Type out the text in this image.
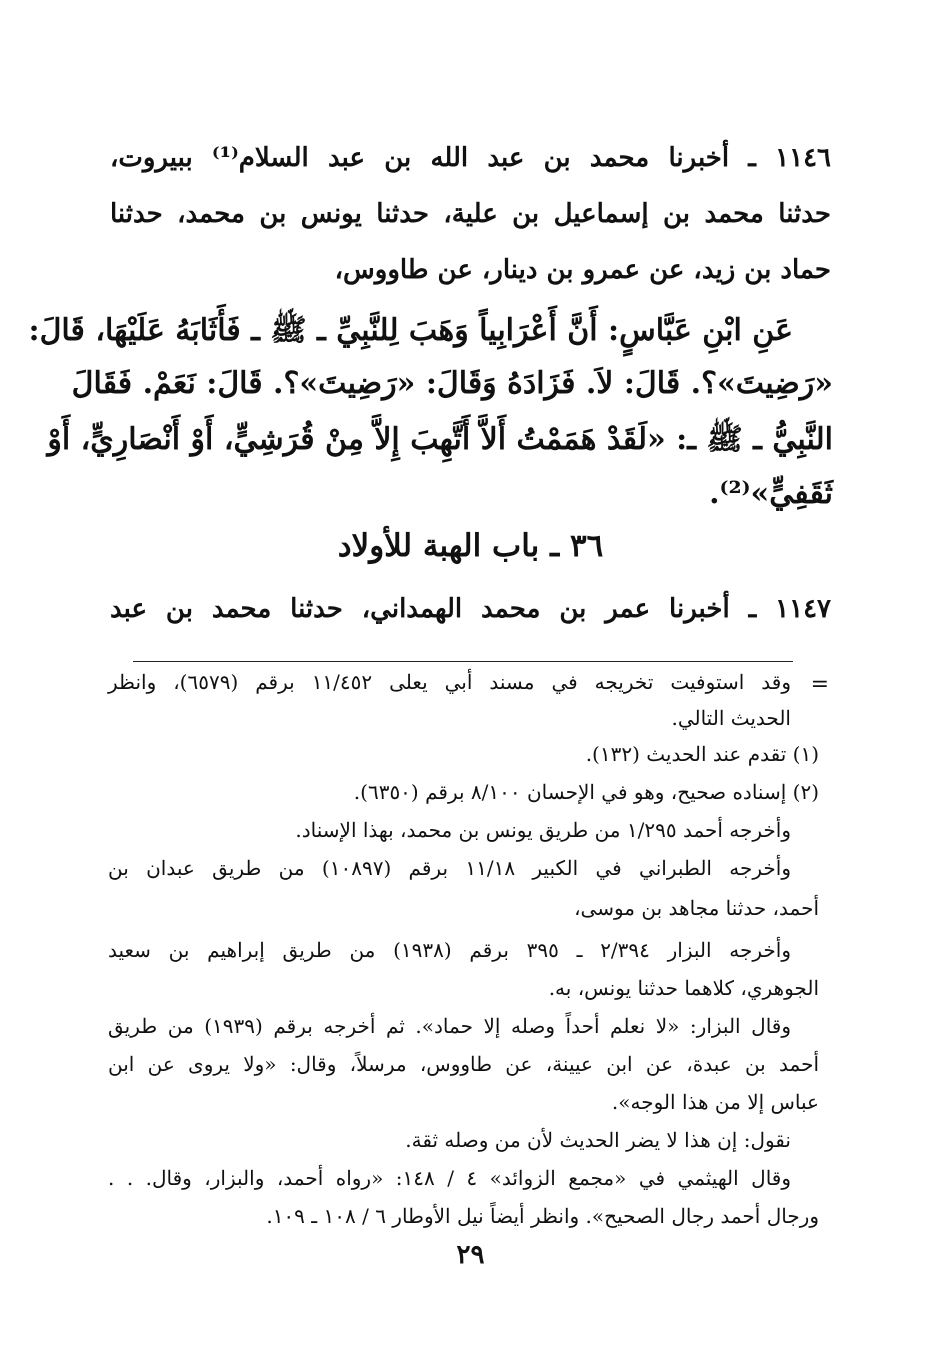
١١٤٦ ـ أخبرنا محمد بن عبد الله بن عبد السلام⁽¹⁾ ببيروت،
حدثنا محمد بن إسماعيل بن علية، حدثنا يونس بن محمد، حدثنا
حماد بن زيد، عن عمرو بن دينار، عن طاووس،
عَنِ ابْنِ عَبَّاسٍ: أَنَّ أَعْرَابِياً وَهَبَ لِلنَّبِيِّ ـ ﷺ ـ فَأَثَابَهُ عَلَيْهَا، قَالَ:
«رَضِيتَ»؟. قَالَ: لاَ. فَزَادَهُ وَقَالَ: «رَضِيتَ»؟. قَالَ: نَعَمْ. فَقَالَ
النَّبِيُّ ـ ﷺ ـ: «لَقَدْ هَمَمْتُ أَلاَّ أَتَّهِبَ إِلاَّ مِنْ قُرَشِيٍّ، أَوْ أَنْصَارِيٍّ، أَوْ
ثَقَفِيٍّ»⁽²⁾.
٣٦ ـ باب الهبة للأولاد
١١٤٧ ـ أخبرنا عمر بن محمد الهمداني، حدثنا محمد بن عبد
=
وقد استوفيت تخريجه في مسند أبي يعلى ١١/٤٥٢ برقم (٦٥٧٩)، وانظر
الحديث التالي.
(١) تقدم عند الحديث (١٣٢).
(٢) إسناده صحيح، وهو في الإحسان ٨/١٠٠ برقم (٦٣٥٠).
وأخرجه أحمد ١/٢٩٥ من طريق يونس بن محمد، بهذا الإسناد.
وأخرجه الطبراني في الكبير ١١/١٨ برقم (١٠٨٩٧) من طريق عبدان بن
أحمد، حدثنا مجاهد بن موسى،
وأخرجه البزار ٢/٣٩٤ ـ ٣٩٥ برقم (١٩٣٨) من طريق إبراهيم بن سعيد
الجوهري، كلاهما حدثنا يونس، به.
وقال البزار: «لا نعلم أحداً وصله إلا حماد». ثم أخرجه برقم (١٩٣٩) من طريق
أحمد بن عبدة، عن ابن عيينة، عن طاووس، مرسلاً، وقال: «ولا يروى عن ابن
عباس إلا من هذا الوجه».
نقول: إن هذا لا يضر الحديث لأن من وصله ثقة.
وقال الهيثمي في «مجمع الزوائد» ٤ / ١٤٨: «رواه أحمد، والبزار، وقال. . .
ورجال أحمد رجال الصحيح». وانظر أيضاً نيل الأوطار ٦ / ١٠٨ ـ ١٠٩.
٢٩
